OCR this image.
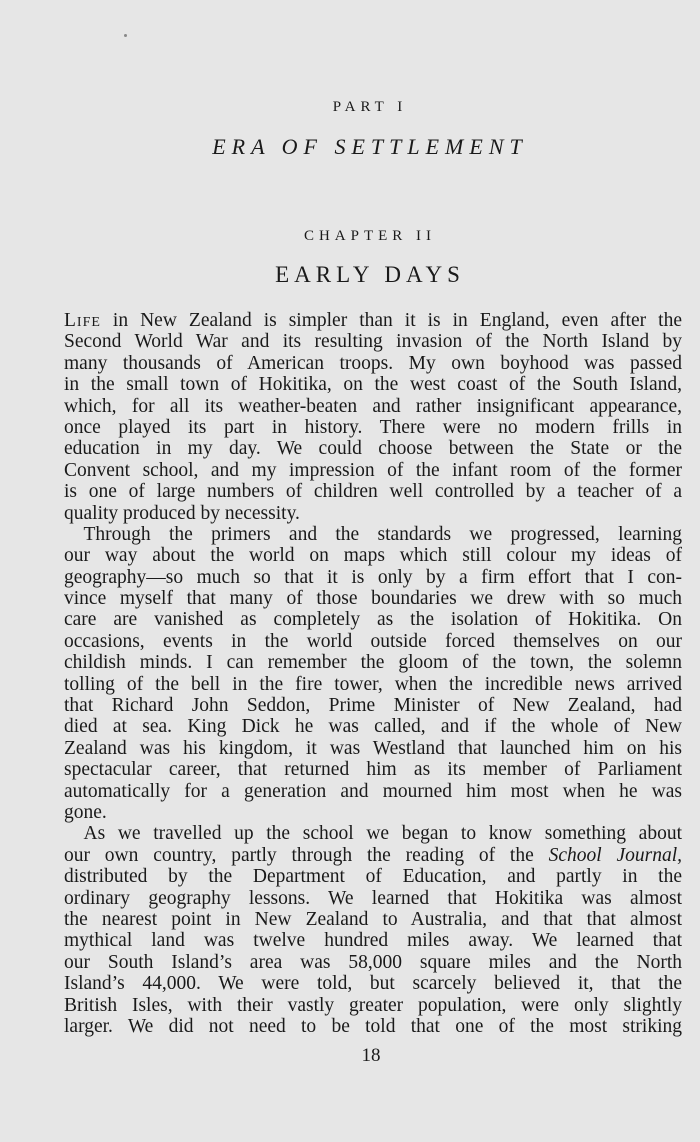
PART I
ERA OF SETTLEMENT
CHAPTER II
EARLY DAYS
Life in New Zealand is simpler than it is in England, even after the
Second World War and its resulting invasion of the North Island by
many thousands of American troops. My own boyhood was passed
in the small town of Hokitika, on the west coast of the South Island,
which, for all its weather-beaten and rather insignificant appearance,
once played its part in history. There were no modern frills in
education in my day. We could choose between the State or the
Convent school, and my impression of the infant room of the former
is one of large numbers of children well controlled by a teacher of a
quality produced by necessity.
 Through the primers and the standards we progressed, learning
our way about the world on maps which still colour my ideas of
geography—so much so that it is only by a firm effort that I con-
vince myself that many of those boundaries we drew with so much
care are vanished as completely as the isolation of Hokitika. On
occasions, events in the world outside forced themselves on our
childish minds. I can remember the gloom of the town, the solemn
tolling of the bell in the fire tower, when the incredible news arrived
that Richard John Seddon, Prime Minister of New Zealand, had
died at sea. King Dick he was called, and if the whole of New
Zealand was his kingdom, it was Westland that launched him on his
spectacular career, that returned him as its member of Parliament
automatically for a generation and mourned him most when he was
gone.
 As we travelled up the school we began to know something about
our own country, partly through the reading of the School Journal,
distributed by the Department of Education, and partly in the
ordinary geography lessons. We learned that Hokitika was almost
the nearest point in New Zealand to Australia, and that that almost
mythical land was twelve hundred miles away. We learned that
our South Island’s area was 58,000 square miles and the North
Island’s 44,000. We were told, but scarcely believed it, that the
British Isles, with their vastly greater population, were only slightly
larger. We did not need to be told that one of the most striking
18
